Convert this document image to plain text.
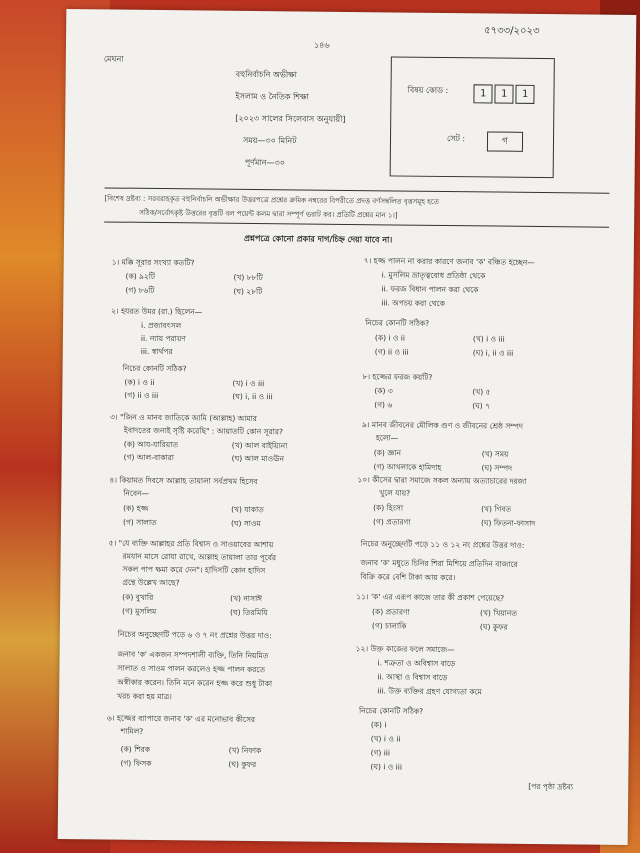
৫৭৩৩/২০২৩
১৪৬
মেঘনা
বহুনির্বাচনি অভীক্ষা
ইসলাম ও নৈতিক শিক্ষা
[২০২৩ সালের সিলেবাস অনুযায়ী]
সময়—৩০ মিনিট
পূর্ণমান—৩০
বিষয় কোড :	1 1 1
সেট :	গ
[বিশেষ দ্রষ্টব্য : সরবরাহকৃত বহুনির্বাচনি অভীক্ষার উত্তরপত্রে প্রশ্নের ক্রমিক নম্বরের বিপরীতে প্রদত্ত বর্ণসম্বলিত বৃত্তসমূহ হতে
সঠিক/সর্বোৎকৃষ্ট উত্তরের বৃত্তটি বল পয়েন্ট কলম দ্বারা সম্পূর্ণ ভরাট কর। প্রতিটি প্রশ্নের মান ১।]
প্রশ্নপত্রে কোনো প্রকার দাগ/চিহ্ন দেয়া যাবে না।
১। মক্কি সূরার সংখ্যা কতটি?
(ক) ৯২টি	(খ) ৮৮টি
(গ) ৮৬টি	(ঘ) ২৮টি
২। হযরত উমর (রা.) ছিলেন—
i. প্রজাবৎসল
ii. ন্যায় পরায়ণ
iii. স্বার্থপর
নিচের কোনটি সঠিক?
(ক) i ও ii	(খ) i ও iii
(গ) ii ও iii	(ঘ) i, ii ও iii
৩। "জিন ও মানব জাতিকে আমি (আল্লাহ) আমার
ইবাদতের জন্যই সৃষ্টি করেছি" : আয়াতটি কোন সূরার?
(ক) আয-যারিয়াত	(খ) আল বাইয়্যিনা
(গ) আল-বাকারা	(ঘ) আল মাওঊন
৪। কিয়ামত দিবসে আল্লাহ তায়ালা সর্বপ্রথম হিসেব
নিবেন—
(ক) হজ্জ	(খ) যাকাত
(গ) সালাত	(ঘ) সাওম
৫। "যে ব্যক্তি আল্লাহর প্রতি বিশ্বাস ও সাওয়াবের আশায়
রমযান মাসে রোযা রাখে, আল্লাহ তায়ালা তার পূর্বের
সকল পাপ ক্ষমা করে দেন"। হাদিসটি কোন হাদিস
গ্রন্থে উল্লেখ আছে?
(ক) বুখারি	(খ) নাসাঈ
(গ) মুসলিম	(ঘ) তিরমিযি
নিচের অনুচ্ছেদটি পড়ে ৬ ও ৭ নং প্রশ্নের উত্তর দাও:
জনাব 'ক' একজন সম্পদশালী ব্যক্তি, তিনি নিয়মিত
সালাত ও সাওম পালন করলেও হজ্জ পালন করতে
অস্বীকার করেন। তিনি মনে করেন হজ্জ করে শুধু টাকা
খরচ করা হয় মাত্র।
৬। হজ্জের ব্যাপারে জনাব 'ক' এর মনোভাব কীসের
শামিল?
(ক) শিরক	(খ) নিফাক
(গ) ফিসক	(ঘ) কুফর
৭। হজ্জ পালন না করার কারণে জনাব 'ক' বঞ্চিত হচ্ছেন—
i. মুসলিম ভ্রাতৃত্ববোধ প্রতিষ্ঠা থেকে
ii. ফরজ বিধান পালন করা থেকে
iii. অপচয় করা থেকে
নিচের কোনটি সঠিক?
(ক) i ও ii	(খ) i ও iii
(গ) ii ও iii	(ঘ) i, ii ও iii
৮। হজ্জের ফরজ কয়টি?
(ক) ৩	(খ) ৫
(গ) ৬	(ঘ) ৭
৯। মানব জীবনের মৌলিক গুণ ও জীবনের শ্রেষ্ঠ সম্পদ
হলো—
(ক) জ্ঞান	(খ) সময়
(গ) আখলাকে হামিদাহ	(ঘ) সম্পদ
১০। কীসের দ্বারা সমাজে সকল অন্যায় অত্যাচারের দরজা
খুলে যায়?
(ক) হিংসা	(খ) গিবত
(গ) প্রতারণা	(ঘ) ফিতনা-ফাসাদ
নিচের অনুচ্ছেদটি পড়ে ১১ ও ১২ নং প্রশ্নের উত্তর দাও:
জনাব 'ক' মধুতে চিনির শিরা মিশিয়ে প্রতিদিন বাজারে
বিক্রি করে বেশি টাকা আয় করে।
১১। 'ক' এর এরূপ কাজে তার কী প্রকাশ পেয়েছে?
(ক) প্রতারণা	(খ) খিয়ানত
(গ) চালাকি	(ঘ) কুফর
১২। উক্ত কাজের ফলে সমাজে—
i. শত্রুতা ও অবিশ্বাস বাড়ে
ii. আস্থা ও বিশ্বাস বাড়ে
iii. উক্ত ব্যক্তির গ্রহণ যোগ্যতা কমে
নিচের কোনটি সঠিক?
(ক) i
(খ) i ও ii
(গ) iii
(ঘ) i ও iii
[পর পৃষ্ঠা দ্রষ্টব্য
